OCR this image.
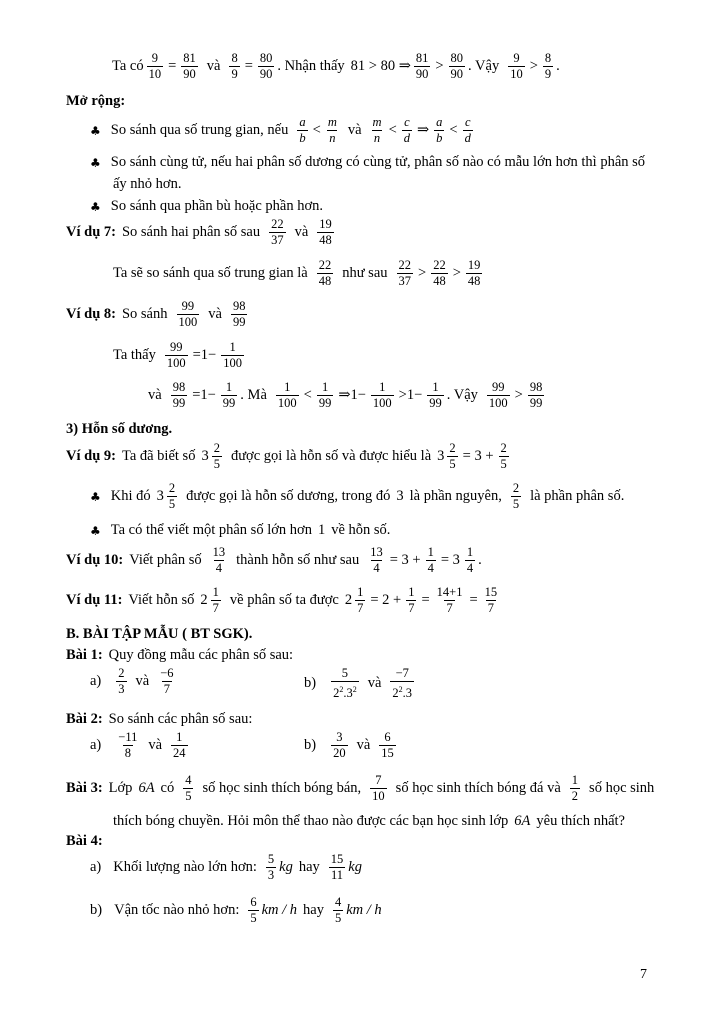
Ta có $\frac{9}{10} = \frac{81}{90}$ và $\frac{8}{9} = \frac{80}{90}$ . Nhận thấy 81 > 80 ⇒ 81
90 > 80
90 . Vậy 9
10 > 8
9 .
Mở rộng:
♣ So sánh qua số trung gian, nếu a
b < m
n và m
n < c
d ⇒ a
b < c
d
♣ So sánh cùng tử, nếu hai phân số dương có cùng tử, phân số nào có mẫu lớn hơn thì phân số
ấy nhỏ hơn.
♣ So sánh qua phần bù hoặc phần hơn.
Ví dụ 7: So sánh hai phân số sau 22
37 và 19
48
Ta sẽ so sánh qua số trung gian là 22
48 như sau 22
37 > 22
48 > 19
48
Ví dụ 8: So sánh 99
100 và 98
99
Ta thấy $\frac{99}{100} =1- \frac{1}{100}$
và $\frac{98}{99} =1- \frac{1}{99}$ . Mà 1
100 < 1
99 ⇒1− $\frac{1}{100} >1- \frac{1}{99}$ . Vậy 99
100 > 98
99
3) Hỗn số dương.
Ví dụ 9: Ta đã biết số 3 2
5 được gọi là hỗn số và được hiểu là $3 \frac{2}{5} = 3 + \frac{2}{5}$
♣ Khi đó 3 2
5 được gọi là hỗn số dương, trong đó 3 là phần nguyên, 2
5 là phần phân số.
♣ Ta có thể viết một phân số lớn hơn 1 về hỗn số.
Ví dụ 10: Viết phân số 13
4 thành hỗn số như sau $\frac{13}{4} = 3 + \frac{1}{4} = 3$ 1
4 .
Ví dụ 11: Viết hỗn số 2 1
7 về phân số ta được $2 \frac{1}{7} = 2 + \frac{1}{7} = \frac{14+1}{7} = \frac{15}{7}$
B. BÀI TẬP MẪU ( BT SGK).
Bài 1: Quy đồng mẫu các phân số sau:
a) 2
3 và −6
7	b)
5
$2^2.3^2$ và
−7
$2^2.3$
Bài 2: So sánh các phân số sau:
a) −11
8 và 1
24	b) 3
20 và 6
15
Bài 3: Lớp 6A có 4
5 số học sinh thích bóng bán, 7
10 số học sinh thích bóng đá và 1
2 số học sinh
thích bóng chuyền. Hỏi môn thể thao nào được các bạn học sinh lớp 6A yêu thích nhất?
Bài 4:
a) Khối lượng nào lớn hơn: 5
3 kg hay 15
11 kg
b) Vận tốc nào nhỏ hơn: 6
5 km / h hay 4
5 km / h
7
